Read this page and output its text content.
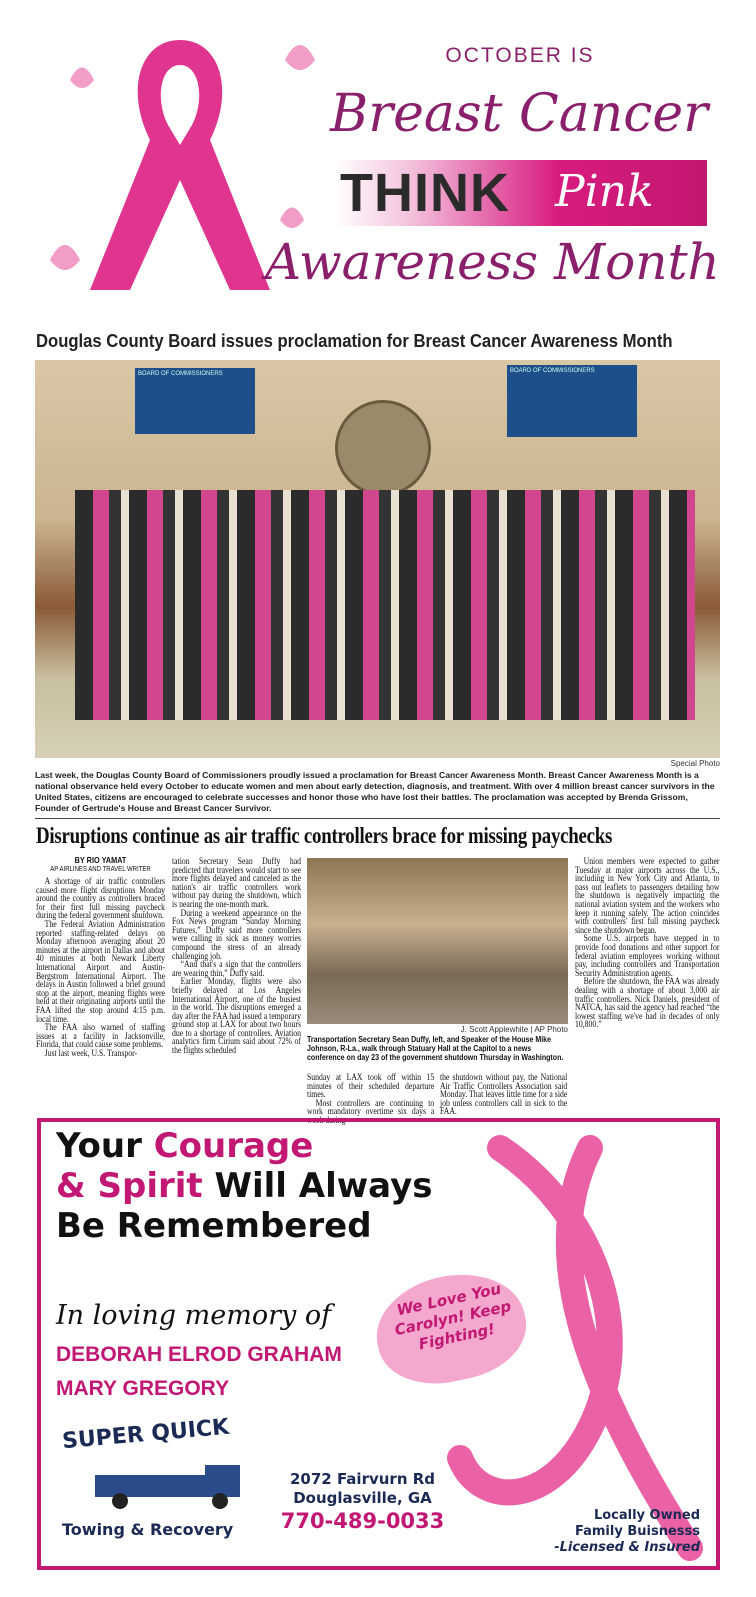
OCTOBER IS
Breast Cancer
THINK Pink
Awareness Month
Douglas County Board issues proclamation for Breast Cancer Awareness Month
BOARD OF COMMISSIONERS	BOARD OF COMMISSIONERS
Special Photo
Last week, the Douglas County Board of Commissioners proudly issued a proclamation for Breast Cancer Awareness Month. Breast Cancer Awareness Month is a national observance held every October to educate women and men about early detection, diagnosis, and treatment. With over 4 million breast cancer survivors in the United States, citizens are encouraged to celebrate successes and honor those who have lost their battles. The proclamation was accepted by Brenda Grissom, Founder of Gertrude's House and Breast Cancer Survivor.
Disruptions continue as air traffic controllers brace for missing paychecks
BY RIO YAMAT
AP AIRLINES AND TRAVEL WRITER

A shortage of air traffic controllers caused more flight disruptions Monday around the country as controllers braced for their first full missing paycheck during the federal government shutdown.

The Federal Aviation Administration reported staffing-related delays on Monday afternoon averaging about 20 minutes at the airport in Dallas and about 40 minutes at both Newark Liberty International Airport and Austin-Bergstrom International Airport. The delays in Austin followed a brief ground stop at the airport, meaning flights were held at their originating airports until the FAA lifted the stop around 4:15 p.m. local time.

The FAA also warned of staffing issues at a facility in Jacksonville, Florida, that could cause some problems.

Just last week, U.S. Transpor-

tation Secretary Sean Duffy had predicted that travelers would start to see more flights delayed and canceled as the nation's air traffic controllers work without pay during the shutdown, which is nearing the one-month mark.

During a weekend appearance on the Fox News program “Sunday Morning Futures,” Duffy said more controllers were calling in sick as money worries compound the stress of an already challenging job.

“And that's a sign that the controllers are wearing thin,” Duffy said.

Earlier Monday, flights were also briefly delayed at Los Angeles International Airport, one of the busiest in the world. The disruptions emerged a day after the FAA had issued a temporary ground stop at LAX for about two hours due to a shortage of controllers. Aviation analytics firm Cirium said about 72% of the flights scheduled

J. Scott Applewhite | AP Photo
Transportation Secretary Sean Duffy, left, and Speaker of the House Mike Johnson, R-La., walk through Statuary Hall at the Capitol to a news conference on day 23 of the government shutdown Thursday in Washington.

Sunday at LAX took off within 15 minutes of their scheduled departure times.

Most controllers are continuing to work mandatory overtime six days a week during

the shutdown without pay, the National Air Traffic Controllers Association said Monday. That leaves little time for a side job unless controllers call in sick to the FAA.

Union members were expected to gather Tuesday at major airports across the U.S., including in New York City and Atlanta, to pass out leaflets to passengers detailing how the shutdown is negatively impacting the national aviation system and the workers who keep it running safely. The action coincides with controllers' first full missing paycheck since the shutdown began.

Some U.S. airports have stepped in to provide food donations and other support for federal aviation employees working without pay, including controllers and Transportation Security Administration agents.

Before the shutdown, the FAA was already dealing with a shortage of about 3,000 air traffic controllers. Nick Daniels, president of NATCA, has said the agency had reached “the lowest staffing we've had in decades of only 10,800.”

Your Courage
& Spirit Will Always
Be Remembered
We Love You Carolyn! Keep Fighting!
In loving memory of
DEBORAH ELROD GRAHAM
MARY GREGORY
SUPER QUICK
Towing & Recovery
2072 Fairvurn Rd
Douglasville, GA
770-489-0033	Locally Owned
Family Buisnesss
-Licensed & Insured
